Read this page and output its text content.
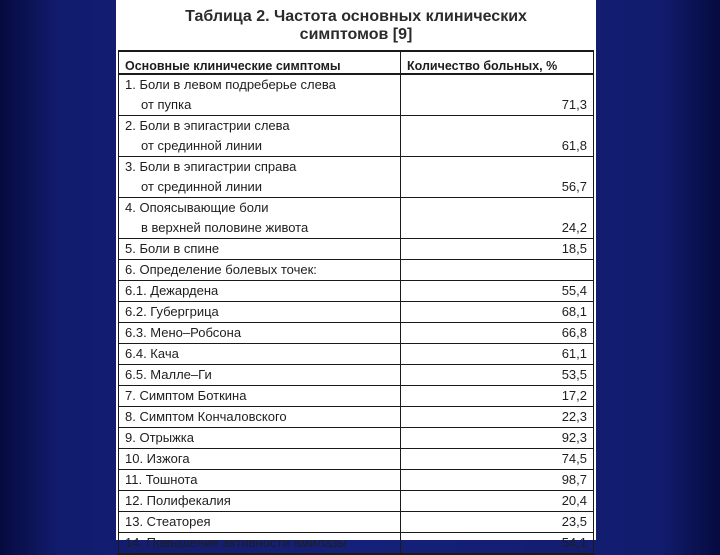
Таблица 2. Частота основных клинических
симптомов [9]
Основные клинические симптомы	Количество больных, %
1. Боли в левом подреберье слева
от пупка	71,3
2. Боли в эпигастрии слева
от срединной линии	61,8
3. Боли в эпигастрии справа
от срединной линии	56,7
4. Опоясывающие боли
в верхней половине живота	24,2
5. Боли в спине	18,5
6. Определение болевых точек:	
6.1. Дежардена	55,4
6.2. Губергрица	68,1
6.3. Мено–Робсона	66,8
6.4. Кача	61,1
6.5. Малле–Ги	53,5
7. Симптом Боткина	17,2
8. Симптом Кончаловского	22,3
9. Отрыжка	92,3
10. Изжога	74,5
11. Тошнота	98,7
12. Полифекалия	20,4
13. Стеаторея	23,5
14. Повышение активности амилазы	54,1
